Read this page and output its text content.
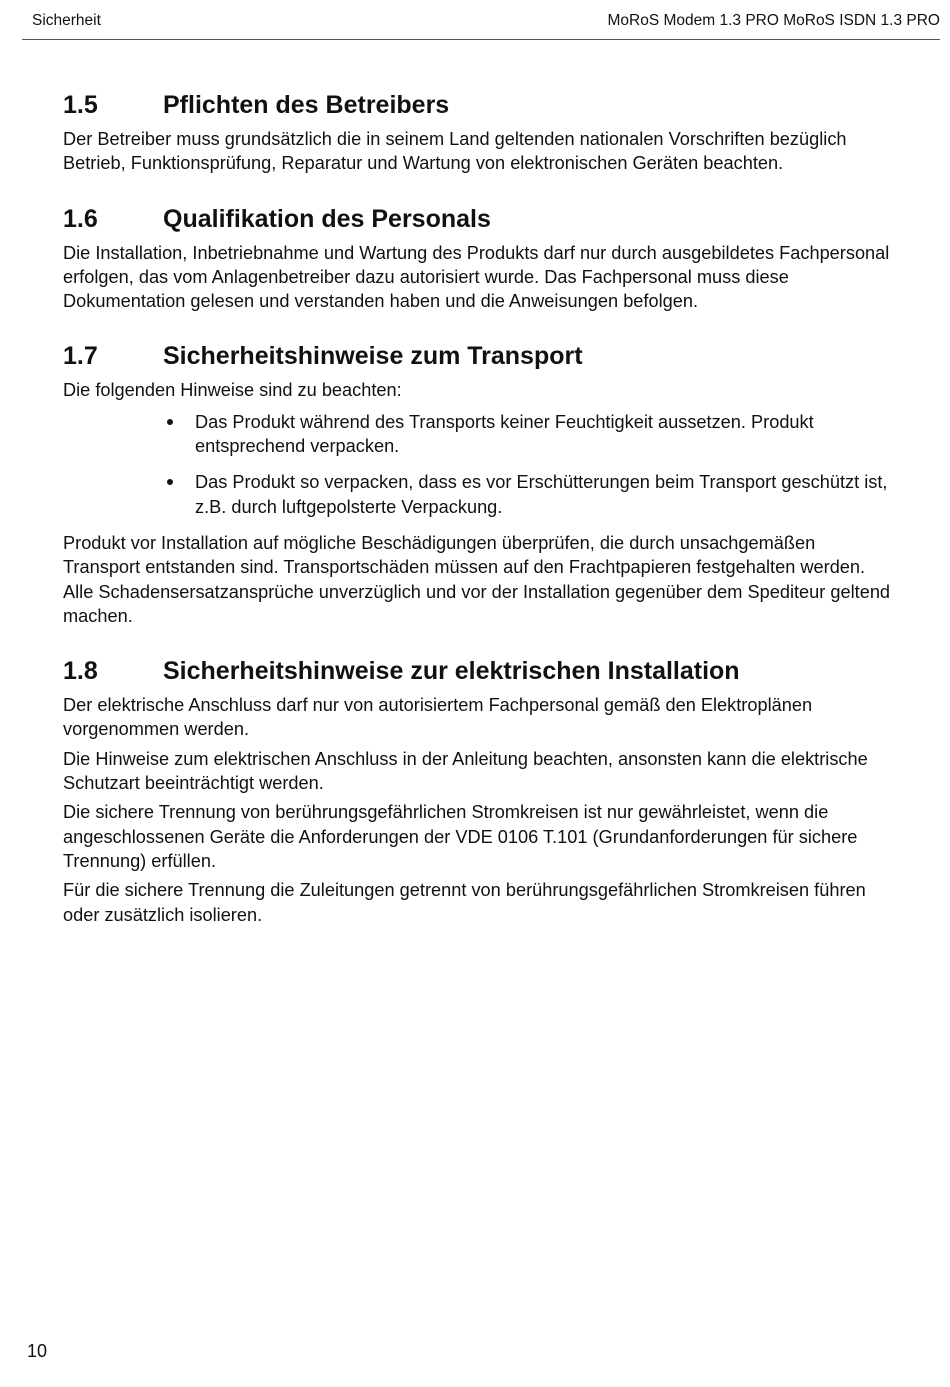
Sicherheit	MoRoS Modem 1.3 PRO MoRoS ISDN 1.3 PRO
1.5	Pflichten des Betreibers

Der Betreiber muss grundsätzlich die in seinem Land geltenden nationalen Vorschriften bezüglich Betrieb, Funktionsprüfung, Reparatur und Wartung von elektronischen Geräten beachten.

1.6	Qualifikation des Personals

Die Installation, Inbetriebnahme und Wartung des Produkts darf nur durch ausgebildetes Fachpersonal erfolgen, das vom Anlagenbetreiber dazu autorisiert wurde. Das Fachpersonal muss diese Dokumentation gelesen und verstanden haben und die Anweisungen befolgen.

1.7	Sicherheitshinweise zum Transport

Die folgenden Hinweise sind zu beachten:

Das Produkt während des Transports keiner Feuchtigkeit aussetzen. Produkt entsprechend verpacken.
Das Produkt so verpacken, dass es vor Erschütterungen beim Transport geschützt ist, z.B. durch luftgepolsterte Verpackung.

Produkt vor Installation auf mögliche Beschädigungen überprüfen, die durch unsachgemäßen Transport entstanden sind. Transportschäden müssen auf den Frachtpapieren festgehalten werden. Alle Schadensersatzansprüche unverzüglich und vor der Installation gegenüber dem Spediteur geltend machen.

1.8	Sicherheitshinweise zur elektrischen Installation

Der elektrische Anschluss darf nur von autorisiertem Fachpersonal gemäß den Elektroplänen vorgenommen werden.

Die Hinweise zum elektrischen Anschluss in der Anleitung beachten, ansonsten kann die elektrische Schutzart beeinträchtigt werden.

Die sichere Trennung von berührungsgefährlichen Stromkreisen ist nur gewährleistet, wenn die angeschlossenen Geräte die Anforderungen der VDE 0106 T.101 (Grundanforderungen für sichere Trennung) erfüllen.

Für die sichere Trennung die Zuleitungen getrennt von berührungsgefährlichen Stromkreisen führen oder zusätzlich isolieren.

10
